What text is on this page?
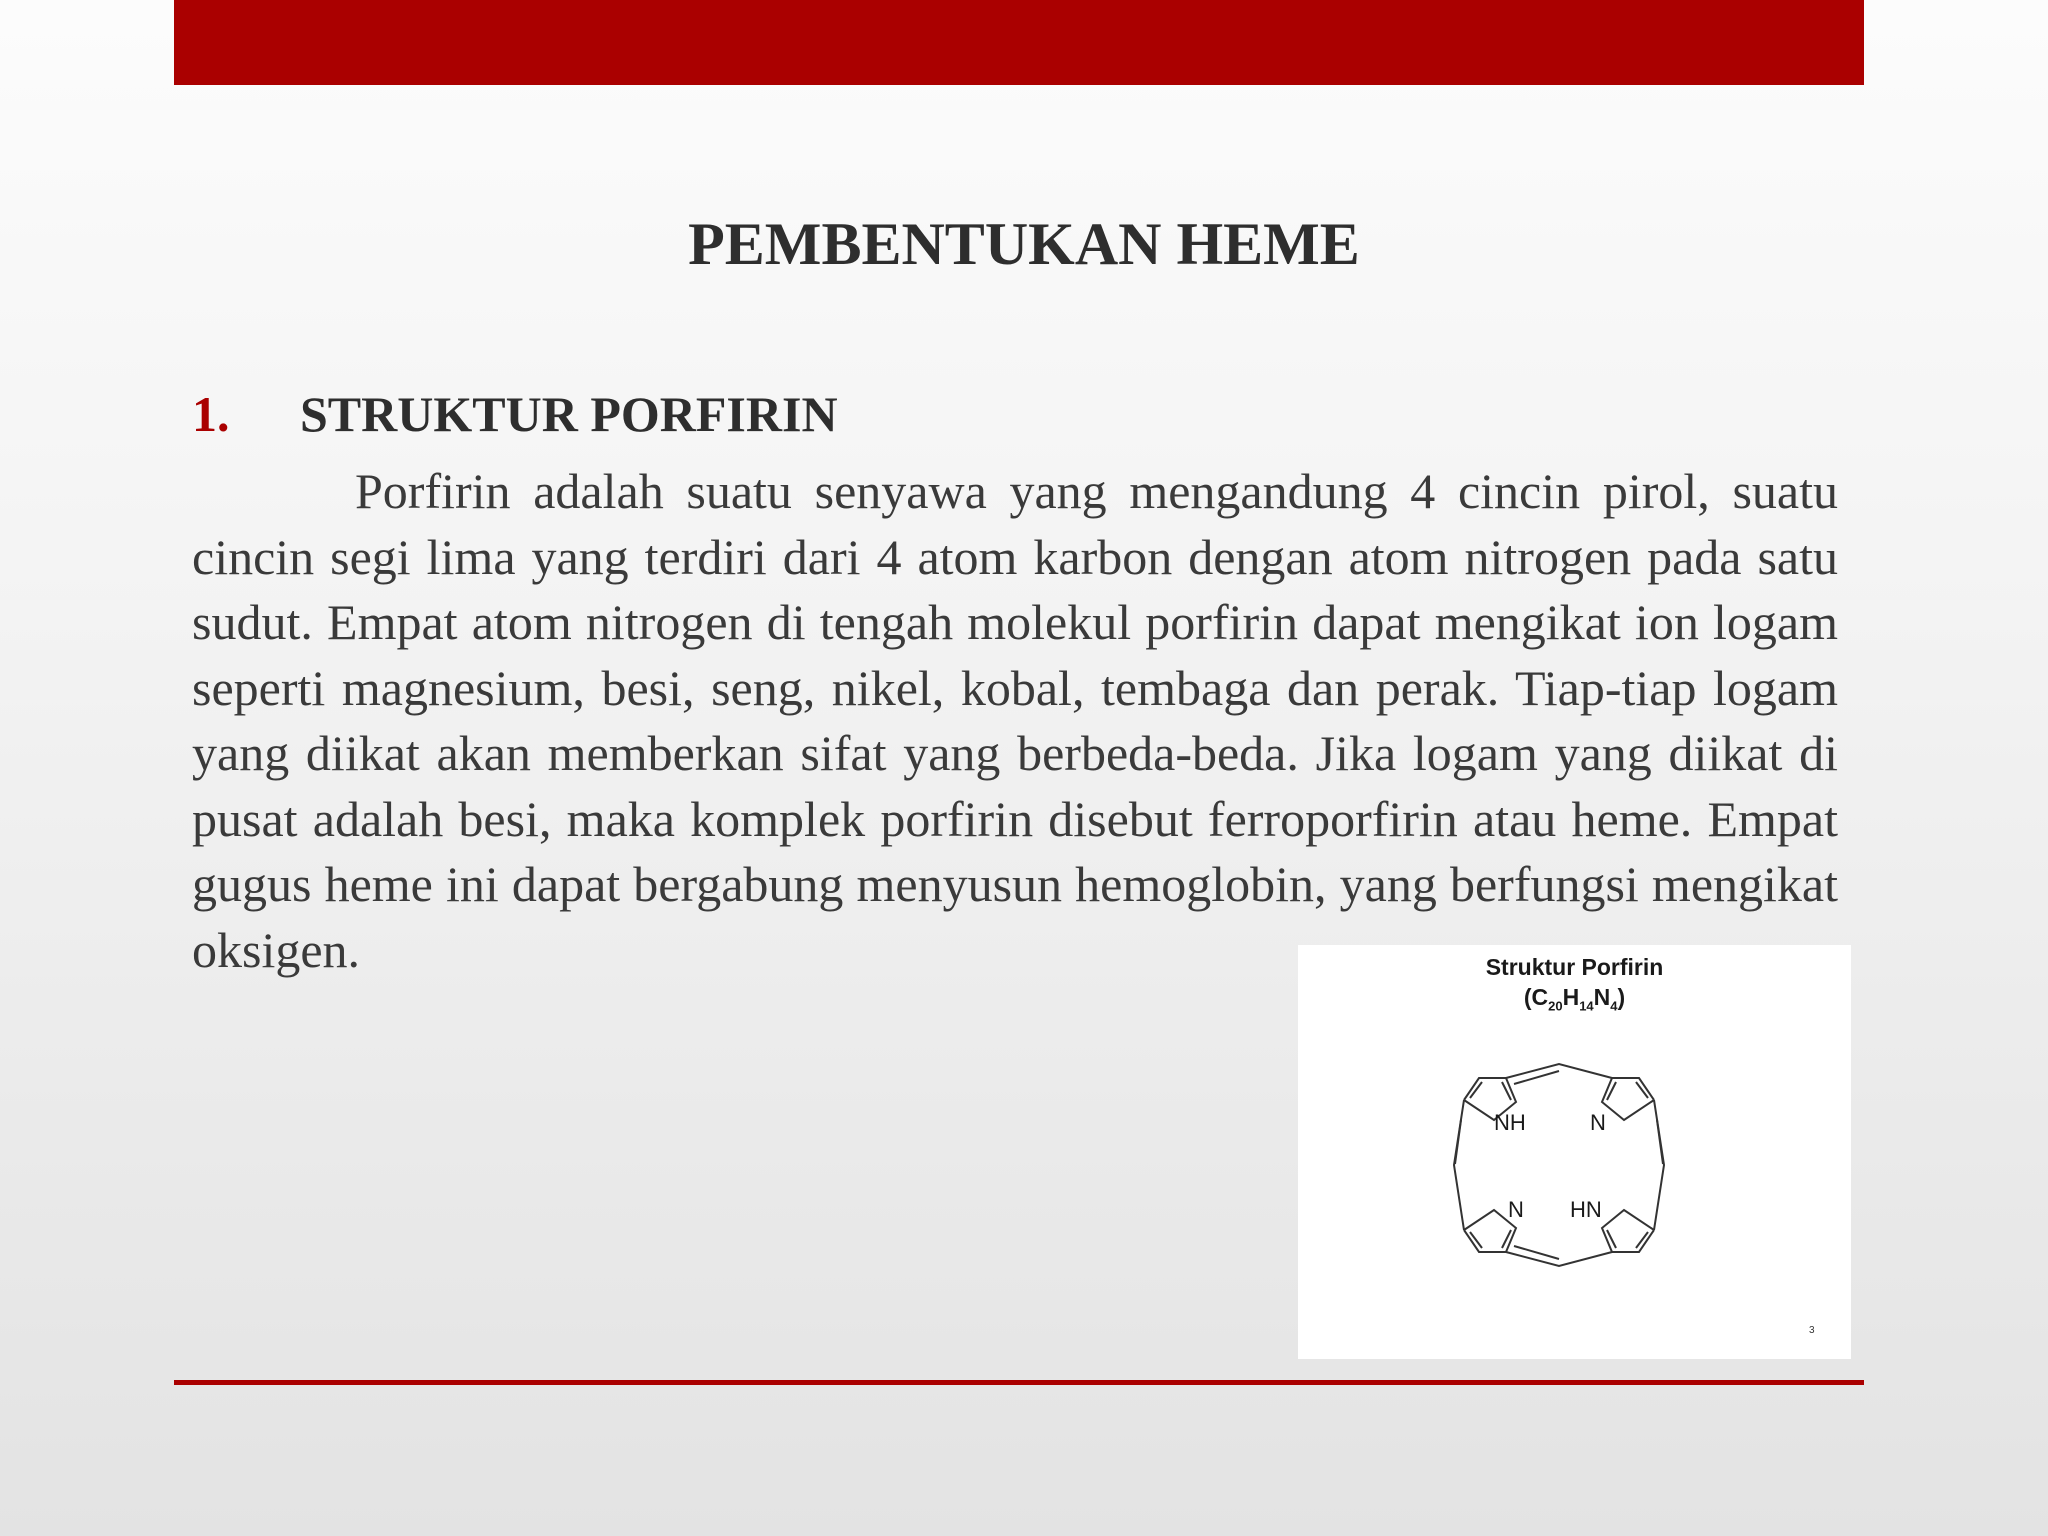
PEMBENTUKAN HEME
1. STRUKTUR PORFIRIN
Porfirin adalah suatu senyawa yang mengandung 4 cincin pirol, suatu cincin segi lima yang terdiri dari 4 atom karbon dengan atom nitrogen pada satu sudut. Empat atom nitrogen di tengah molekul porfirin dapat mengikat ion logam seperti magnesium, besi, seng, nikel, kobal, tembaga dan perak. Tiap-tiap logam yang diikat akan memberkan sifat yang berbeda-beda. Jika logam yang diikat di pusat adalah besi, maka komplek porfirin disebut ferroporfirin atau heme. Empat gugus heme ini dapat bergabung menyusun hemoglobin, yang berfungsi mengikat oksigen.	Struktur Porfirin
$(C_{20}H_{14}N_4)$
NH	N
N HN
3
